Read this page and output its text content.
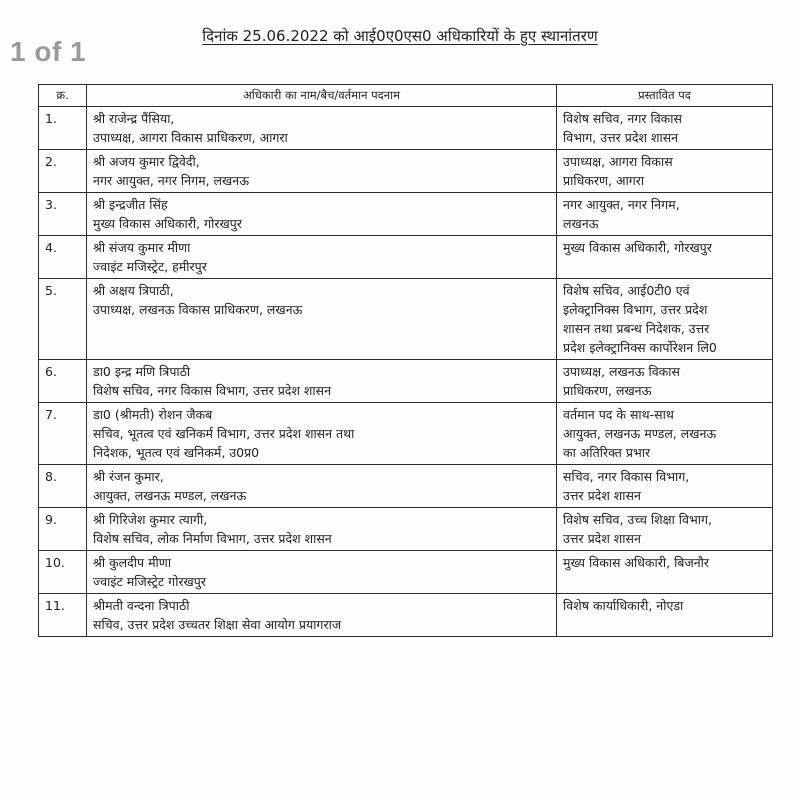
1 of 1	दिनांक 25.06.2022 को आई0ए0एस0 अधिकारियों के हुए स्थानांतरण
क्र.	अधिकारी का नाम/बैच/वर्तमान पदनाम	प्रस्तावित पद
1.	श्री राजेन्द्र पैंसिया,
उपाध्यक्ष, आगरा विकास प्राधिकरण, आगरा	विशेष सचिव, नगर विकास
विभाग, उत्तर प्रदेश शासन

2.	श्री अजय कुमार द्विवेदी,
नगर आयुक्त, नगर निगम, लखनऊ	उपाध्यक्ष, आगरा विकास
प्राधिकरण, आगरा

3.	श्री इन्द्रजीत सिंह
मुख्य विकास अधिकारी, गोरखपुर	नगर आयुक्त, नगर निगम,
लखनऊ

4.	श्री संजय कुमार मीणा
ज्वाइंट मजिस्ट्रेट, हमीरपुर	मुख्य विकास अधिकारी, गोरखपुर

5.	श्री अक्षय त्रिपाठी,
उपाध्यक्ष, लखनऊ विकास प्राधिकरण, लखनऊ	विशेष सचिव, आई0टी0 एवं
इलेक्ट्रानिक्स विभाग, उत्तर प्रदेश
शासन तथा प्रबन्ध निदेशक, उत्तर
प्रदेश इलेक्ट्रानिक्स कार्पोरेशन लि0

6.	डा0 इन्द्र मणि त्रिपाठी
विशेष सचिव, नगर विकास विभाग, उत्तर प्रदेश शासन	उपाध्यक्ष, लखनऊ विकास
प्राधिकरण, लखनऊ

7.	डा0 (श्रीमती) रोशन जैकब
सचिव, भूतत्व एवं खनिकर्म विभाग, उत्तर प्रदेश शासन तथा
निदेशक, भूतत्व एवं खनिकर्म, उ0प्र0	वर्तमान पद के साथ-साथ
आयुक्त, लखनऊ मण्डल, लखनऊ
का अतिरिक्त प्रभार

8.	श्री रंजन कुमार,
आयुक्त, लखनऊ मण्डल, लखनऊ	सचिव, नगर विकास विभाग,
उत्तर प्रदेश शासन

9.	श्री गिरिजेश कुमार त्यागी,
विशेष सचिव, लोक निर्माण विभाग, उत्तर प्रदेश शासन	विशेष सचिव, उच्च शिक्षा विभाग,
उत्तर प्रदेश शासन

10.	श्री कुलदीप मीणा
ज्वाइंट मजिस्ट्रेट गोरखपुर	मुख्य विकास अधिकारी, बिजनौर

11.	श्रीमती वन्दना त्रिपाठी
सचिव, उत्तर प्रदेश उच्चतर शिक्षा सेवा आयोग प्रयागराज	विशेष कार्याधिकारी, नोएडा
